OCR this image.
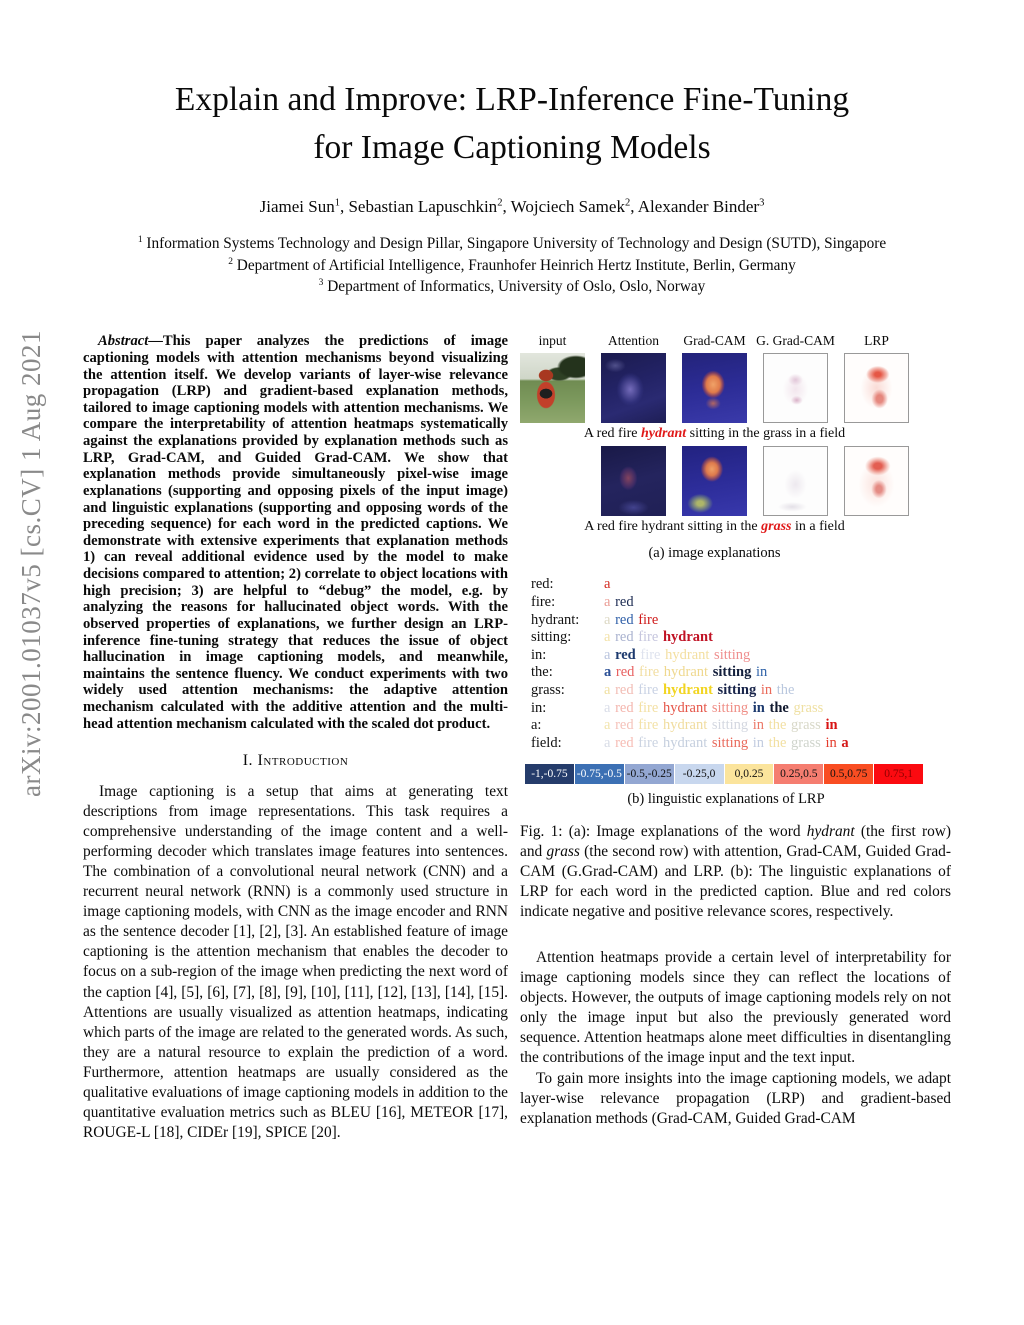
arXiv:2001.01037v5 [cs.CV] 1 Aug 2021
Explain and Improve: LRP-Inference Fine-Tuning
for Image Captioning Models
Jiamei Sun$^1$, Sebastian Lapuschkin$^2$, Wojciech Samek$^2$, Alexander Binder$^3$
$^1$ Information Systems Technology and Design Pillar, Singapore University of Technology and Design (SUTD), Singapore
$^2$ Department of Artificial Intelligence, Fraunhofer Heinrich Hertz Institute, Berlin, Germany
$^3$ Department of Informatics, University of Oslo, Oslo, Norway

Abstract—This paper analyzes the predictions of image captioning models with attention mechanisms beyond visualizing the attention itself. We develop variants of layer-wise relevance propagation (LRP) and gradient-based explanation methods, tailored to image captioning models with attention mechanisms. We compare the interpretability of attention heatmaps systematically against the explanations provided by explanation methods such as LRP, Grad-CAM, and Guided Grad-CAM. We show that explanation methods provide simultaneously pixel-wise image explanations (supporting and opposing pixels of the input image) and linguistic explanations (supporting and opposing words of the preceding sequence) for each word in the predicted captions. We demonstrate with extensive experiments that explanation methods 1) can reveal additional evidence used by the model to make decisions compared to attention; 2) correlate to object locations with high precision; 3) are helpful to “debug” the model, e.g. by analyzing the reasons for hallucinated object words. With the observed properties of explanations, we further design an LRP-inference fine-tuning strategy that reduces the issue of object hallucination in image captioning models, and meanwhile, maintains the sentence fluency. We conduct experiments with two widely used attention mechanisms: the adaptive attention mechanism calculated with the additive attention and the multi-head attention mechanism calculated with the scaled dot product.

I. Introduction

Image captioning is a setup that aims at generating text descriptions from image representations. This task requires a comprehensive understanding of the image content and a well-performing decoder which translates image features into sentences. The combination of a convolutional neural network (CNN) and a recurrent neural network (RNN) is a commonly used structure in image captioning models, with CNN as the image encoder and RNN as the sentence decoder [1], [2], [3]. An established feature of image captioning is the attention mechanism that enables the decoder to focus on a sub-region of the image when predicting the next word of the caption [4], [5], [6], [7], [8], [9], [10], [11], [12], [13], [14], [15]. Attentions are usually visualized as attention heatmaps, indicating which parts of the image are related to the generated words. As such, they are a natural resource to explain the prediction of a word. Furthermore, attention heatmaps are usually considered as the qualitative evaluations of image captioning models in addition to the quantitative evaluation metrics such as BLEU [16], METEOR [17], ROUGE-L [18], CIDEr [19], SPICE [20].

input	Attention	Grad-CAM G. Grad-CAM	LRP
A red fire hydrant sitting in the grass in a field
A red fire hydrant sitting in the grass in a field
(a) image explanations
red:	a
fire:	a red
hydrant:	a red fire
sitting:	a red fire hydrant
in:	a red fire hydrant sitting
the:	a red fire hydrant sitting in
grass:	a red fire hydrant sitting in the
in:	a red fire hydrant sitting in the grass
a:	a red fire hydrant sitting in the grass in
field:	a red fire hydrant sitting in the grass in a
-1,-0.75 -0.75,-0.5 -0.5,-0.25 -0.25,0	0,0.25	0.25,0.5	0.5,0.75	0.75,1
(b) linguistic explanations of LRP
Fig. 1: (a): Image explanations of the word hydrant (the first row) and grass (the second row) with attention, Grad-CAM, Guided Grad-CAM (G.Grad-CAM) and LRP. (b): The linguistic explanations of LRP for each word in the predicted caption. Blue and red colors indicate negative and positive relevance scores, respectively.

Attention heatmaps provide a certain level of interpretability for image captioning models since they can reflect the locations of objects. However, the outputs of image captioning models rely on not only the image input but also the previously generated word sequence. Attention heatmaps alone meet difficulties in disentangling the contributions of the image input and the text input.

To gain more insights into the image captioning models, we adapt layer-wise relevance propagation (LRP) and gradient-based explanation methods (Grad-CAM, Guided Grad-CAM
